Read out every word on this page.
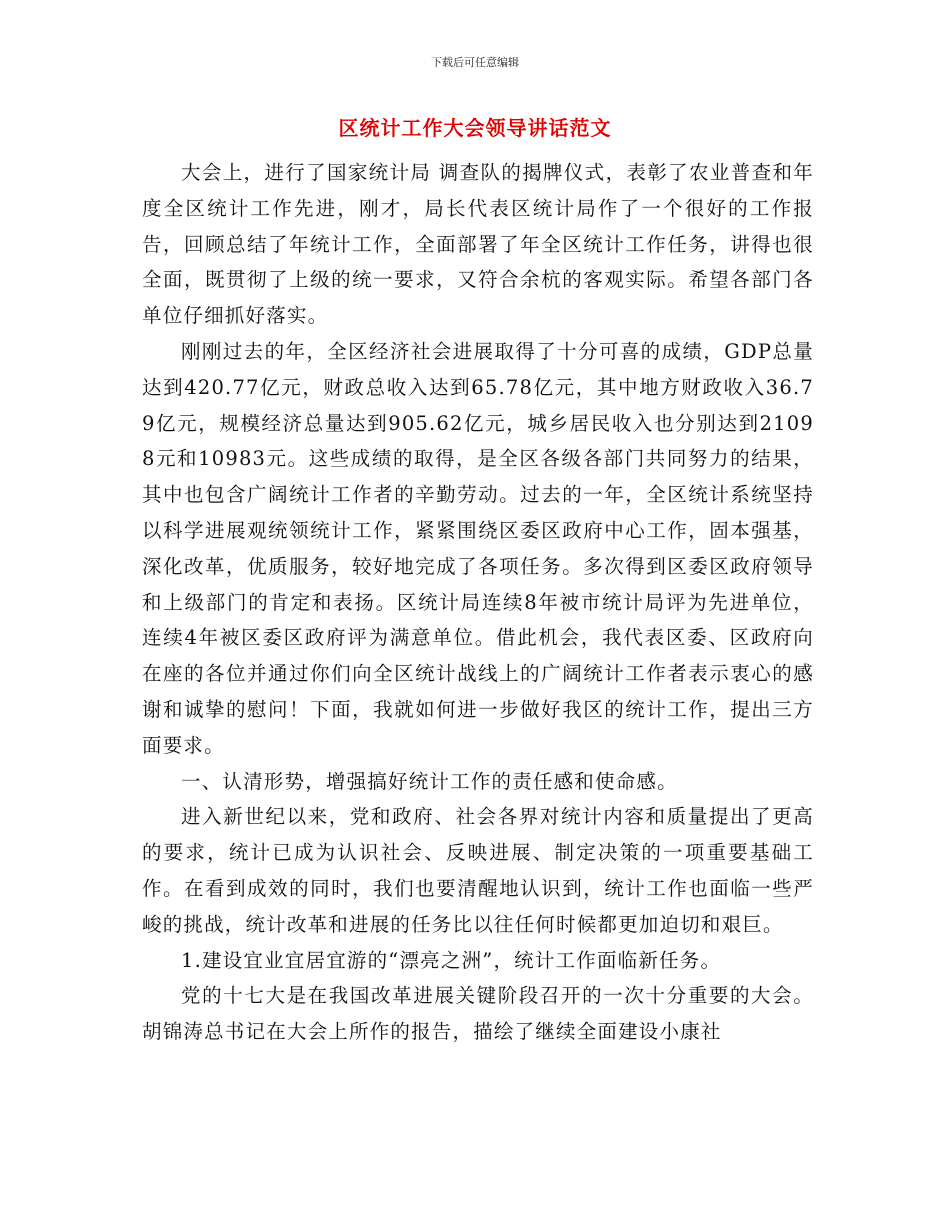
下载后可任意编辑
区统计工作大会领导讲话范文

大会上，进行了国家统计局 调查队的揭牌仪式，表彰了农业普查和年度全区统计工作先进，刚才，局长代表区统计局作了一个很好的工作报告，回顾总结了年统计工作，全面部署了年全区统计工作任务，讲得也很全面，既贯彻了上级的统一要求，又符合余杭的客观实际。希望各部门各单位仔细抓好落实。

刚刚过去的年，全区经济社会进展取得了十分可喜的成绩，GDP总量达到420.77亿元，财政总收入达到65.78亿元，其中地方财政收入36.79亿元，规模经济总量达到905.62亿元，城乡居民收入也分别达到21098元和10983元。这些成绩的取得，是全区各级各部门共同努力的结果，其中也包含广阔统计工作者的辛勤劳动。过去的一年，全区统计系统坚持以科学进展观统领统计工作，紧紧围绕区委区政府中心工作，固本强基，深化改革，优质服务，较好地完成了各项任务。多次得到区委区政府领导和上级部门的肯定和表扬。区统计局连续8年被市统计局评为先进单位，连续4年被区委区政府评为满意单位。借此机会，我代表区委、区政府向在座的各位并通过你们向全区统计战线上的广阔统计工作者表示衷心的感谢和诚挚的慰问！下面，我就如何进一步做好我区的统计工作，提出三方面要求。

一、认清形势，增强搞好统计工作的责任感和使命感。

进入新世纪以来，党和政府、社会各界对统计内容和质量提出了更高的要求，统计已成为认识社会、反映进展、制定决策的一项重要基础工作。在看到成效的同时，我们也要清醒地认识到，统计工作也面临一些严峻的挑战，统计改革和进展的任务比以往任何时候都更加迫切和艰巨。

1.建设宜业宜居宜游的“漂亮之洲”，统计工作面临新任务。

党的十七大是在我国改革进展关键阶段召开的一次十分重要的大会。胡锦涛总书记在大会上所作的报告，描绘了继续全面建设小康社
